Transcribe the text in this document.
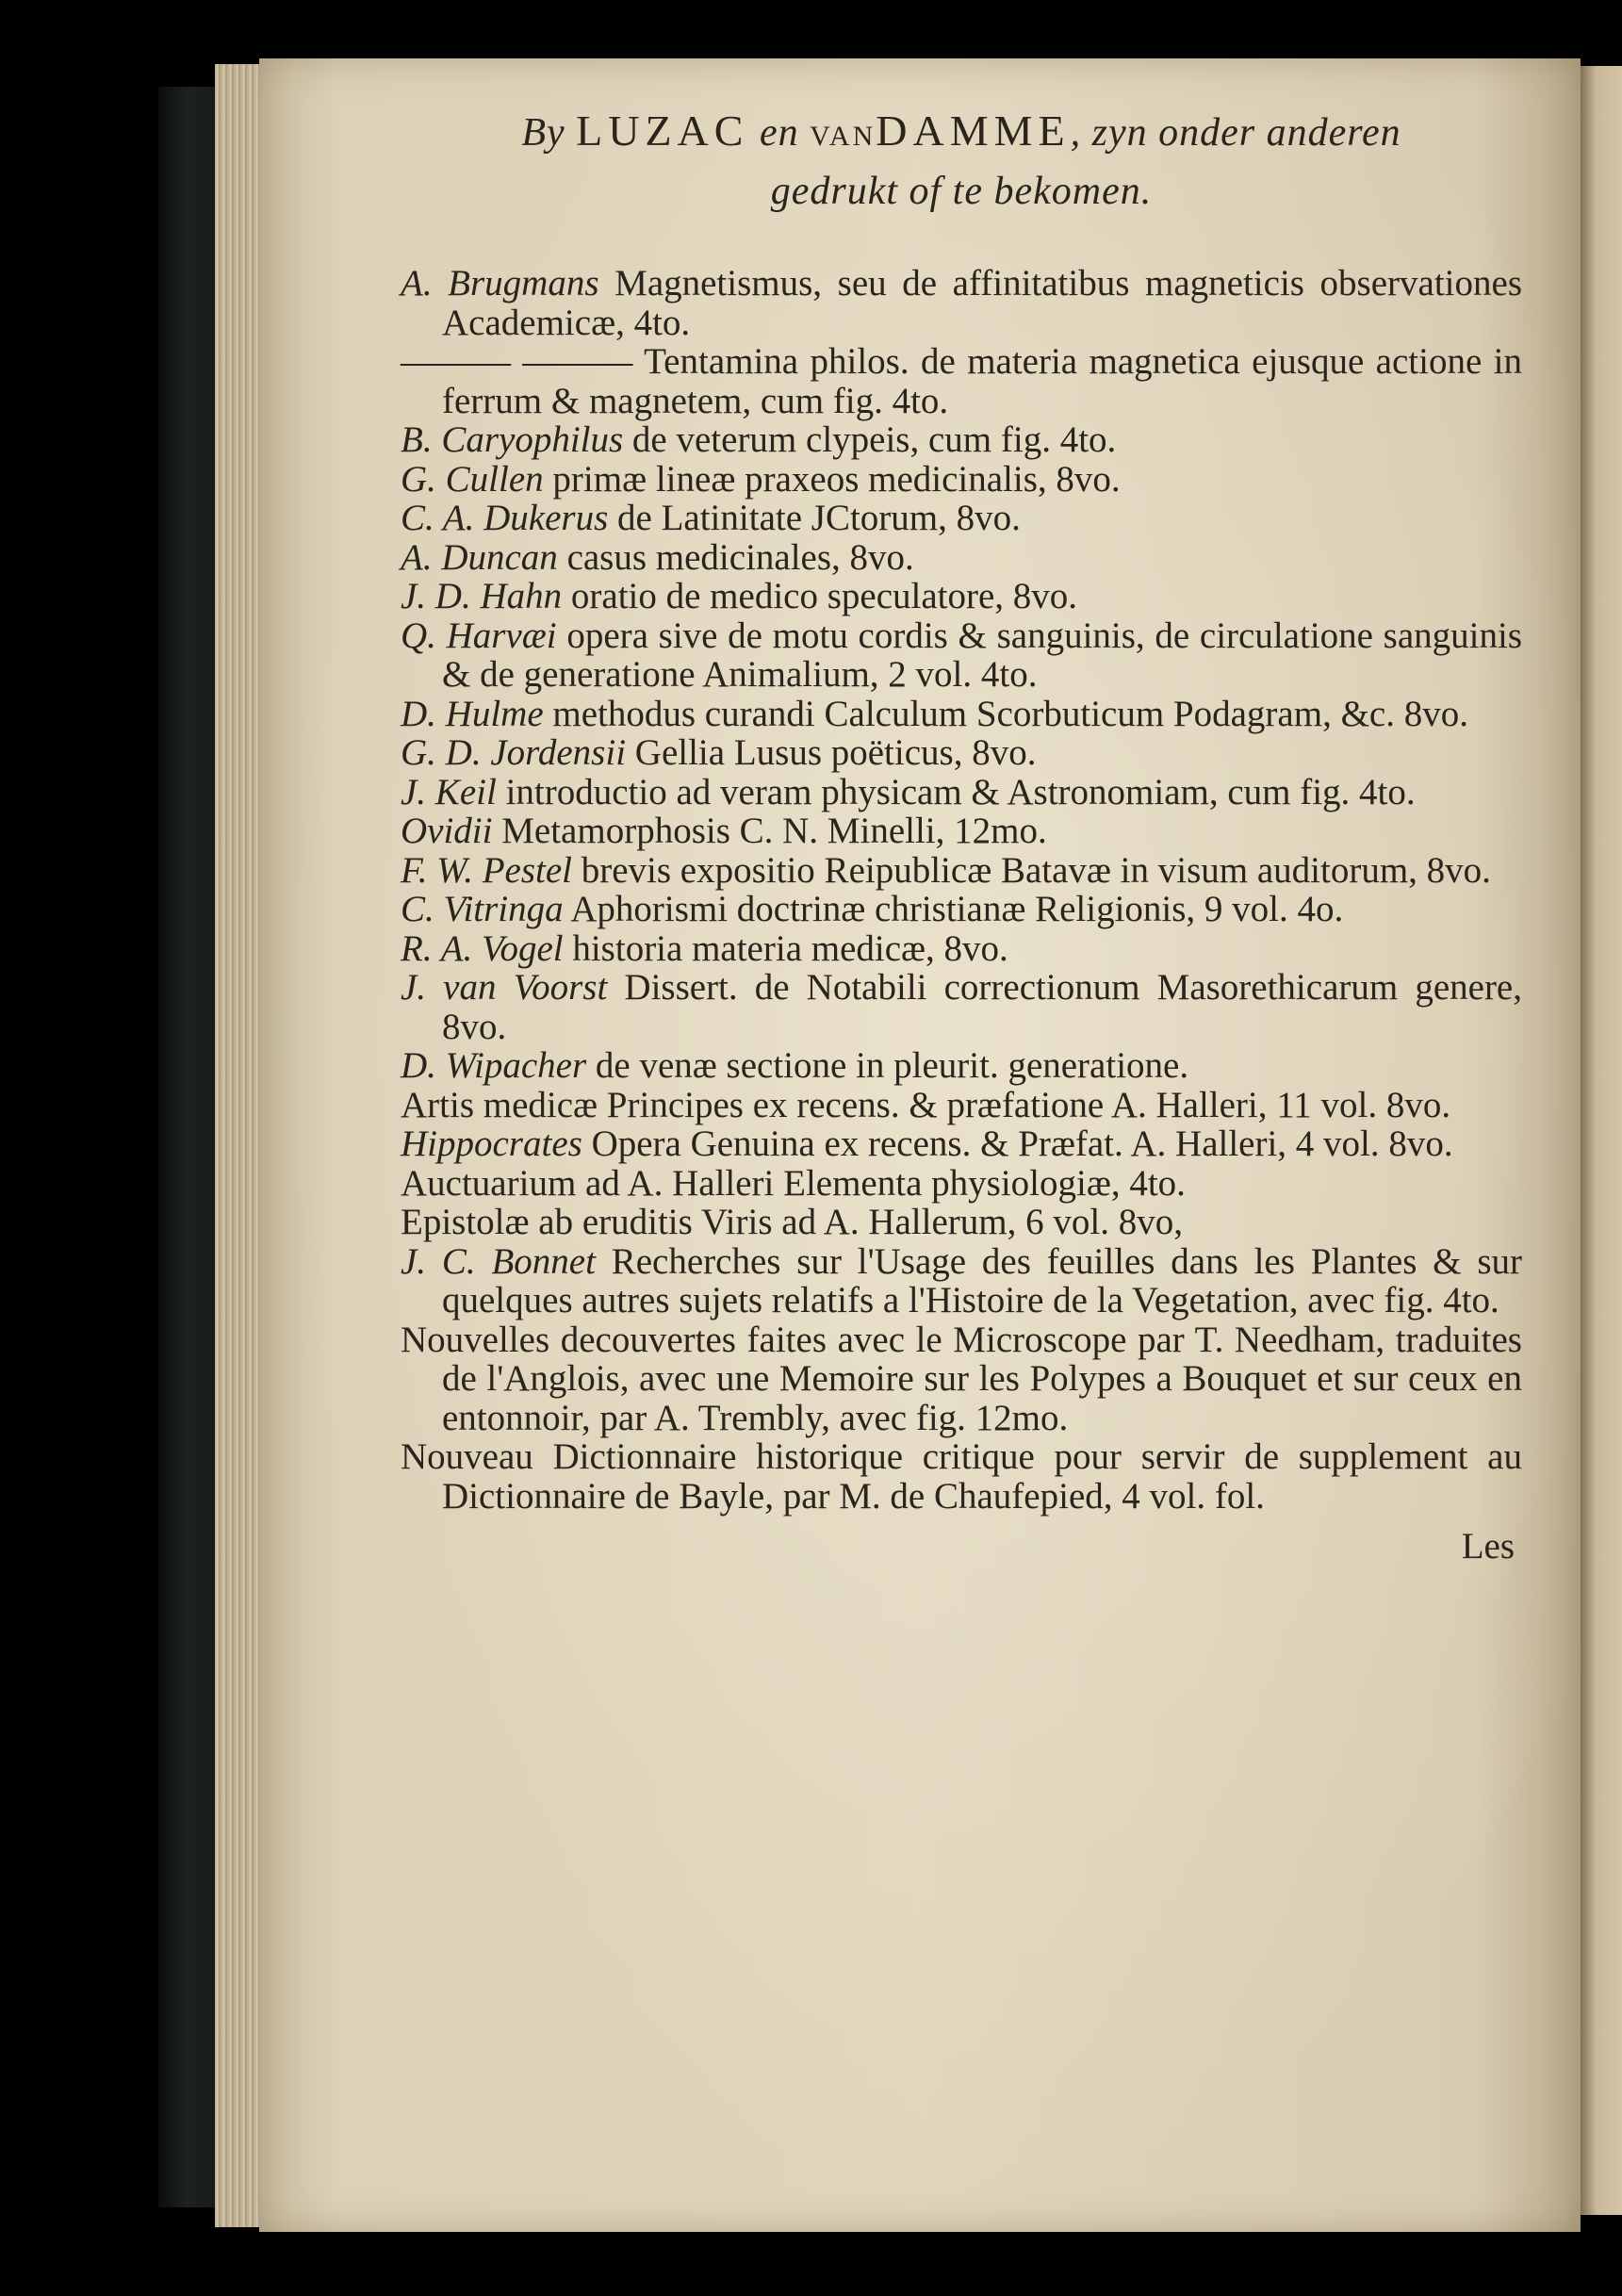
By LUZAC en VANDAMME, zyn onder anderen
gedrukt of te bekomen.
A. Brugmans Magnetismus, seu de affinitatibus magneticis observationes Academicæ, 4to.
——— ——— Tentamina philos. de materia magnetica ejusque actione in ferrum & magnetem, cum fig. 4to.
B. Caryophilus de veterum clypeis, cum fig. 4to.
G. Cullen primæ lineæ praxeos medicinalis, 8vo.
C. A. Dukerus de Latinitate JCtorum, 8vo.
A. Duncan casus medicinales, 8vo.
J. D. Hahn oratio de medico speculatore, 8vo.
Q. Harvæi opera sive de motu cordis & sanguinis, de circulatione sanguinis & de generatione Animalium, 2 vol. 4to.
D. Hulme methodus curandi Calculum Scorbuticum Podagram, &c. 8vo.
G. D. Jordensii Gellia Lusus poëticus, 8vo.
J. Keil introductio ad veram physicam & Astronomiam, cum fig. 4to.
Ovidii Metamorphosis C. N. Minelli, 12mo.
F. W. Pestel brevis expositio Reipublicæ Batavæ in visum auditorum, 8vo.
C. Vitringa Aphorismi doctrinæ christianæ Religionis, 9 vol. 4o.
R. A. Vogel historia materia medicæ, 8vo.
J. van Voorst Dissert. de Notabili correctionum Masorethicarum genere, 8vo.
D. Wipacher de venæ sectione in pleurit. generatione.
Artis medicæ Principes ex recens. & præfatione A. Halleri, 11 vol. 8vo.
Hippocrates Opera Genuina ex recens. & Præfat. A. Halleri, 4 vol. 8vo.
Auctuarium ad A. Halleri Elementa physiologiæ, 4to.
Epistolæ ab eruditis Viris ad A. Hallerum, 6 vol. 8vo,
J. C. Bonnet Recherches sur l'Usage des feuilles dans les Plantes & sur quelques autres sujets relatifs a l'Histoire de la Vegetation, avec fig. 4to.
Nouvelles decouvertes faites avec le Microscope par T. Needham, traduites de l'Anglois, avec une Memoire sur les Polypes a Bouquet et sur ceux en entonnoir, par A. Trembly, avec fig. 12mo.
Nouveau Dictionnaire historique critique pour servir de supplement au Dictionnaire de Bayle, par M. de Chaufepied, 4 vol. fol.
Les
